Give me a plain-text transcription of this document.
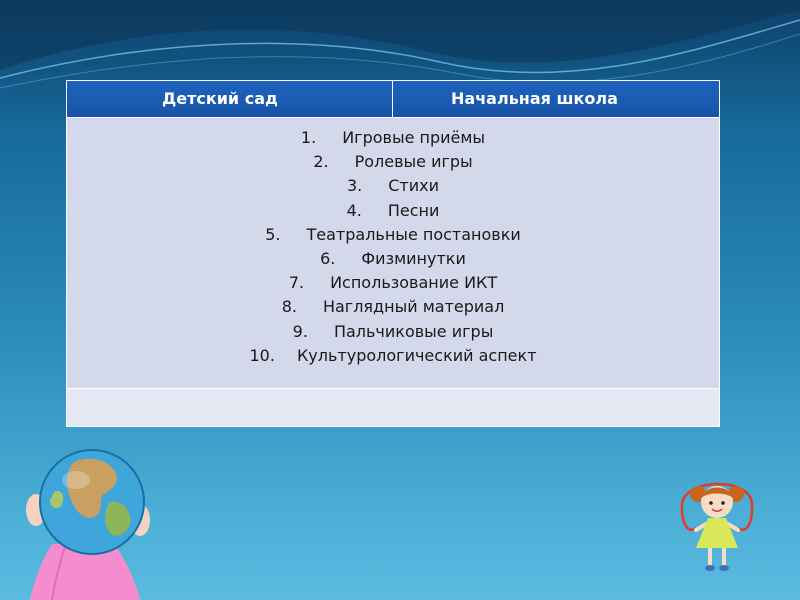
Детский сад	Начальная школа
1. Игровые приёмы
2. Ролевые игры
3. Стихи
4. Песни
5. Театральные постановки
6. Физминутки
7. Использование ИКТ
8. Наглядный материал
9. Пальчиковые игры
10. Культурологический аспект
